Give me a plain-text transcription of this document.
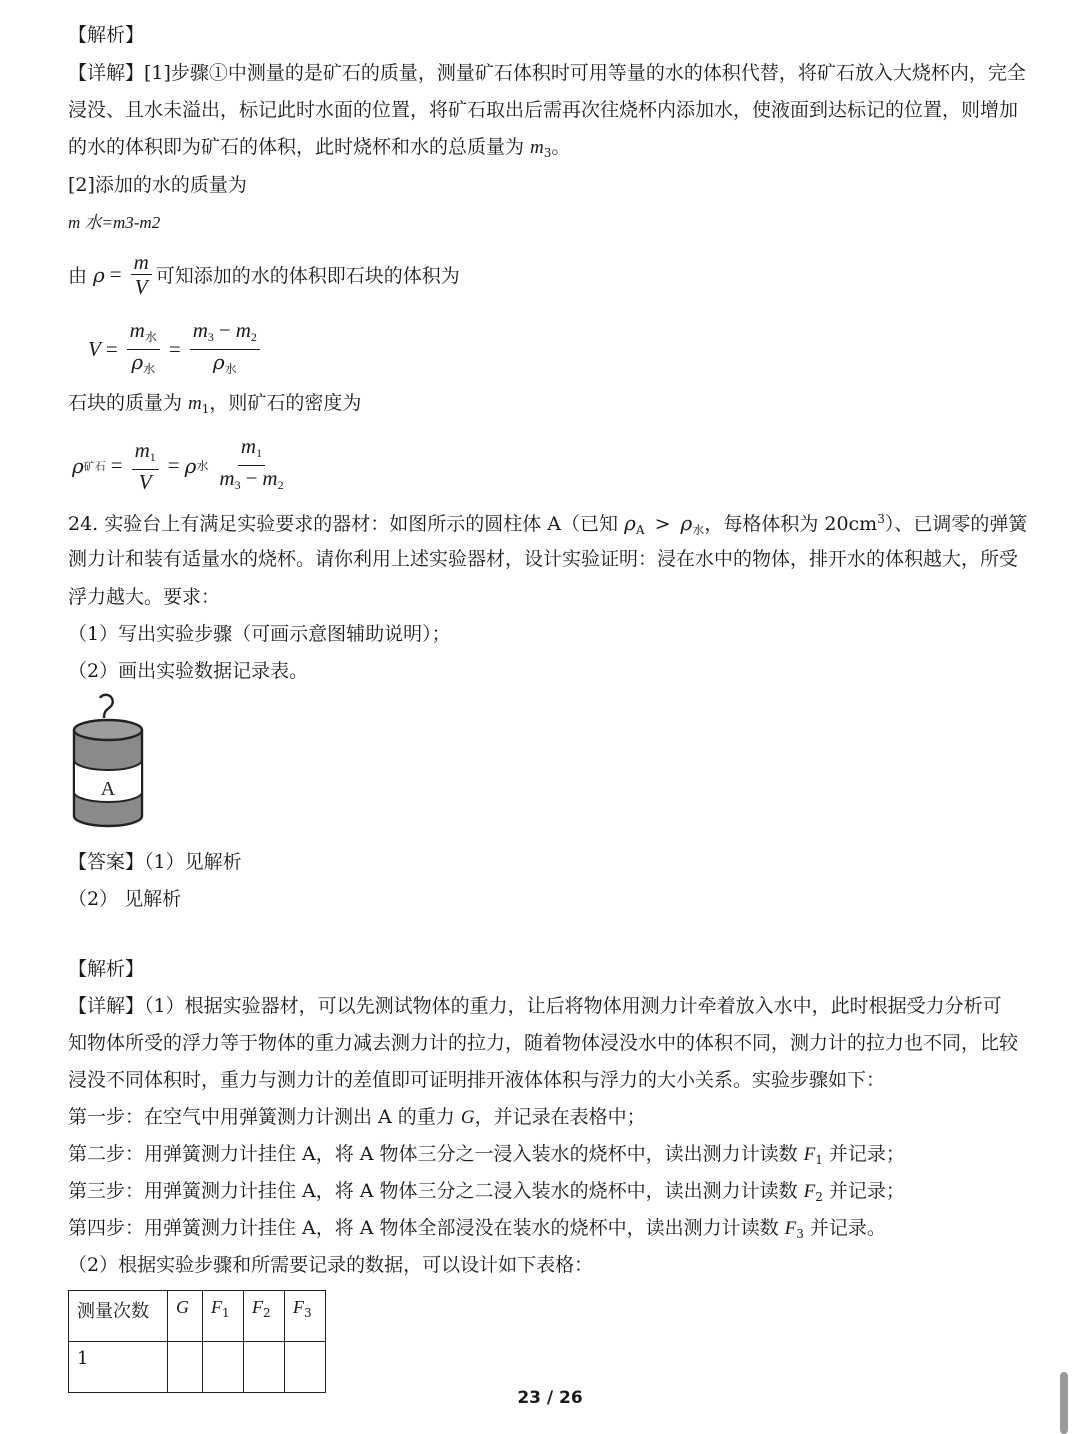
【解析】
【详解】[1]步骤①中测量的是矿石的质量，测量矿石体积时可用等量的水的体积代替，将矿石放入大烧杯内，完全
浸没、且水未溢出，标记此时水面的位置，将矿石取出后需再次往烧杯内添加水，使液面到达标记的位置，则增加
的水的体积即为矿石的体积，此时烧杯和水的总质量为 $m_3$。
[2]添加的水的质量为
m 水=m3-m2
由 $\rho = \frac{m}{V}$ 可知添加的水的体积即石块的体积为
$V = \frac{m_水}{\rho_水} = \frac{m_3 - m_2}{\rho_水}$
石块的质量为 $m_1$，则矿石的密度为
ρ 矿石 = $\frac{m_1}{V} = \rho$ 水 $\frac{m_1}{m_3 - m_2}$
24. 实验台上有满足实验要求的器材：如图所示的圆柱体 A（已知 $\rho_A > \rho_水$，每格体积为 $20cm^3$）、已调零的弹簧
测力计和装有适量水的烧杯。请你利用上述实验器材，设计实验证明：浸在水中的物体，排开水的体积越大，所受
浮力越大。要求：
（1）写出实验步骤（可画示意图辅助说明）；
（2）画出实验数据记录表。
A
【答案】（1）见解析
（2） 见解析
【解析】
【详解】（1）根据实验器材，可以先测试物体的重力，让后将物体用测力计牵着放入水中，此时根据受力分析可
知物体所受的浮力等于物体的重力减去测力计的拉力，随着物体浸没水中的体积不同，测力计的拉力也不同，比较
浸没不同体积时，重力与测力计的差值即可证明排开液体体积与浮力的大小关系。实验步骤如下：
第一步：在空气中用弹簧测力计测出 A 的重力 G，并记录在表格中；
第二步：用弹簧测力计挂住 A，将 A 物体三分之一浸入装水的烧杯中，读出测力计读数 $F_1$ 并记录；
第三步：用弹簧测力计挂住 A，将 A 物体三分之二浸入装水的烧杯中，读出测力计读数 $F_2$ 并记录；
第四步：用弹簧测力计挂住 A，将 A 物体全部浸没在装水的烧杯中，读出测力计读数 $F_3$ 并记录。
（2）根据实验步骤和所需要记录的数据，可以设计如下表格：
测量次数	G	$F_1$	$F_2$	$F_3$
1				
23 / 26
